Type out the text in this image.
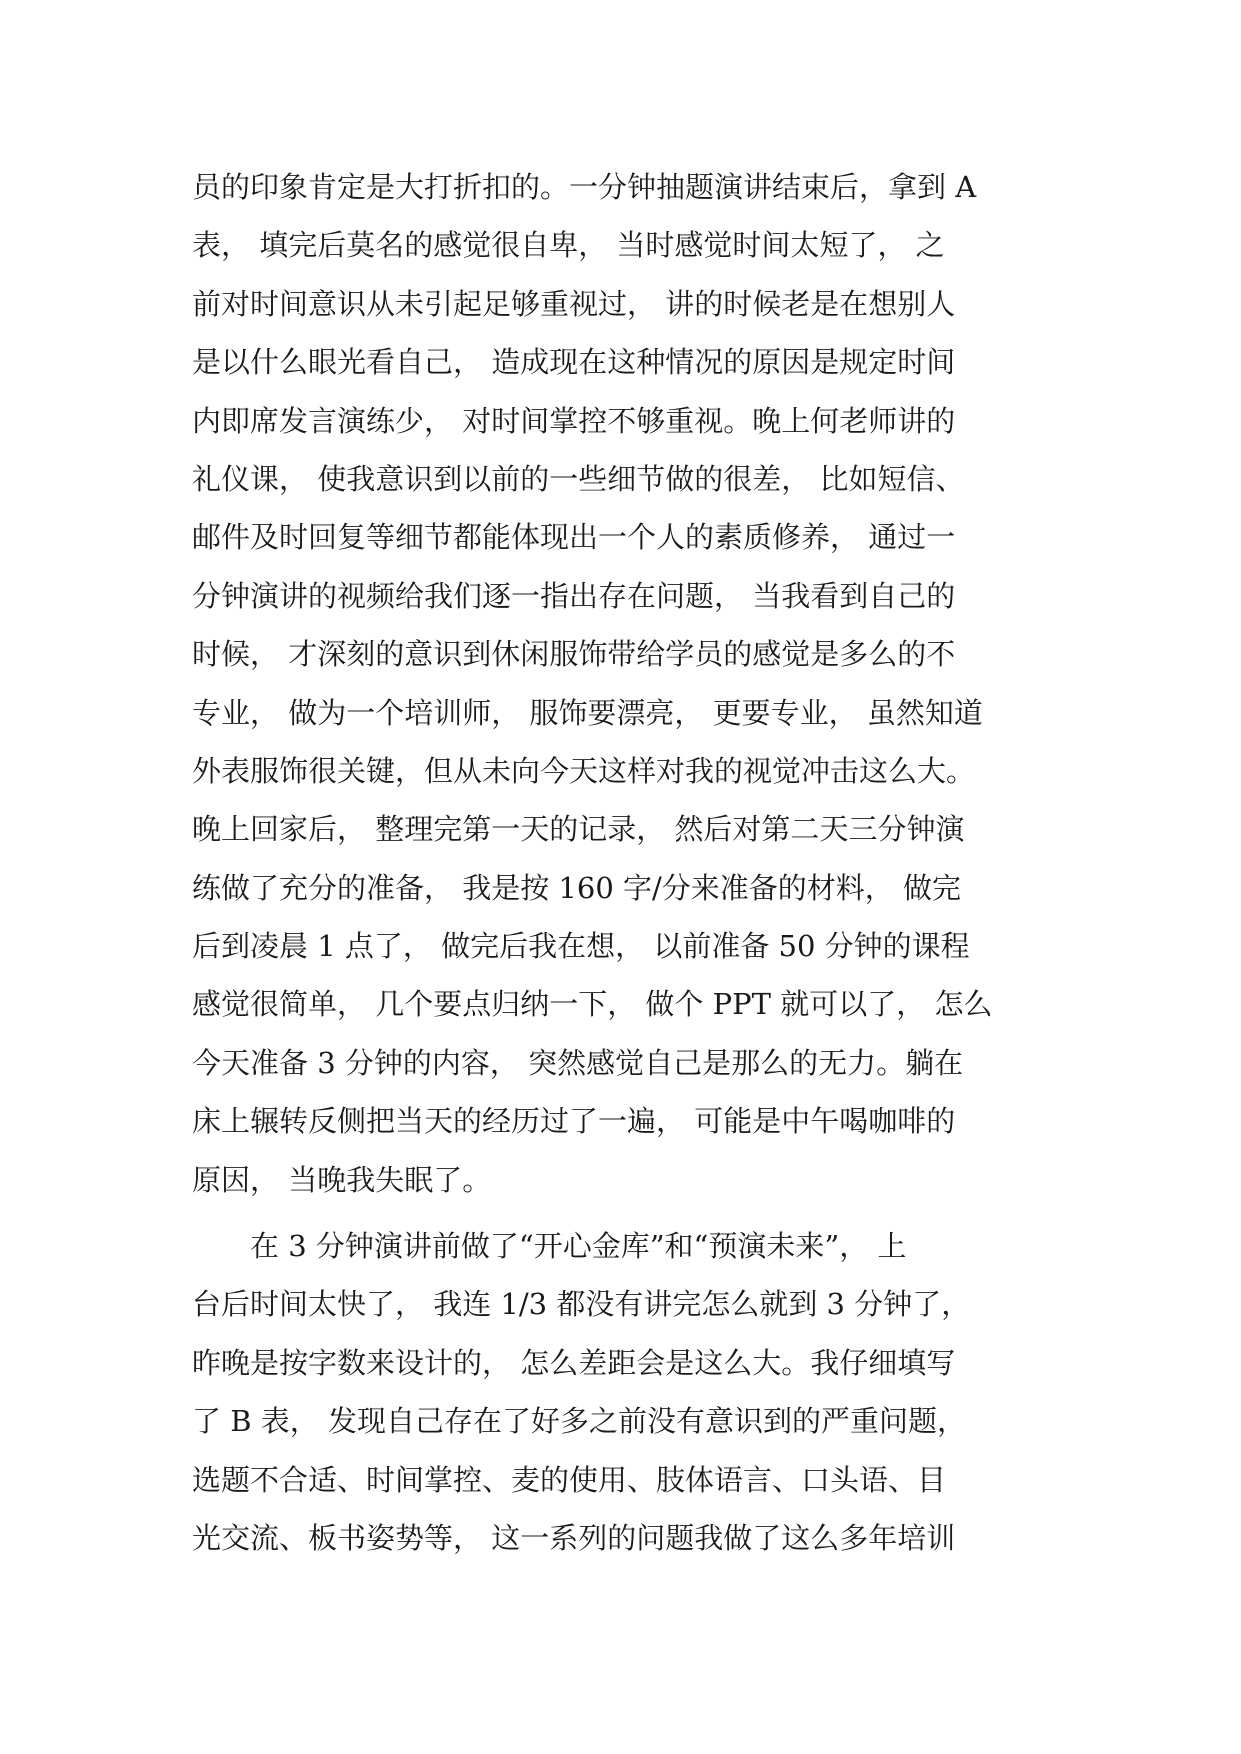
员的印象肯定是大打折扣的。一分钟抽题演讲结束后，拿到 A
表， 填完后莫名的感觉很自卑， 当时感觉时间太短了， 之
前对时间意识从未引起足够重视过， 讲的时候老是在想别人
是以什么眼光看自己， 造成现在这种情况的原因是规定时间
内即席发言演练少， 对时间掌控不够重视。晚上何老师讲的
礼仪课， 使我意识到以前的一些细节做的很差， 比如短信、
邮件及时回复等细节都能体现出一个人的素质修养， 通过一
分钟演讲的视频给我们逐一指出存在问题， 当我看到自己的
时候， 才深刻的意识到休闲服饰带给学员的感觉是多么的不
专业， 做为一个培训师， 服饰要漂亮， 更要专业， 虽然知道
外表服饰很关键，但从未向今天这样对我的视觉冲击这么大。
晚上回家后， 整理完第一天的记录， 然后对第二天三分钟演
练做了充分的准备， 我是按 160 字/分来准备的材料， 做完
后到凌晨 1 点了， 做完后我在想， 以前准备 50 分钟的课程
感觉很简单， 几个要点归纳一下， 做个 PPT 就可以了， 怎么
今天准备 3 分钟的内容， 突然感觉自己是那么的无力。躺在
床上辗转反侧把当天的经历过了一遍， 可能是中午喝咖啡的
原因， 当晚我失眠了。
在 3 分钟演讲前做了“开心金库”和“预演未来”， 上
台后时间太快了， 我连 1/3 都没有讲完怎么就到 3 分钟了，
昨晚是按字数来设计的， 怎么差距会是这么大。我仔细填写
了 B 表， 发现自己存在了好多之前没有意识到的严重问题，
选题不合适、时间掌控、麦的使用、肢体语言、口头语、目
光交流、板书姿势等， 这一系列的问题我做了这么多年培训
